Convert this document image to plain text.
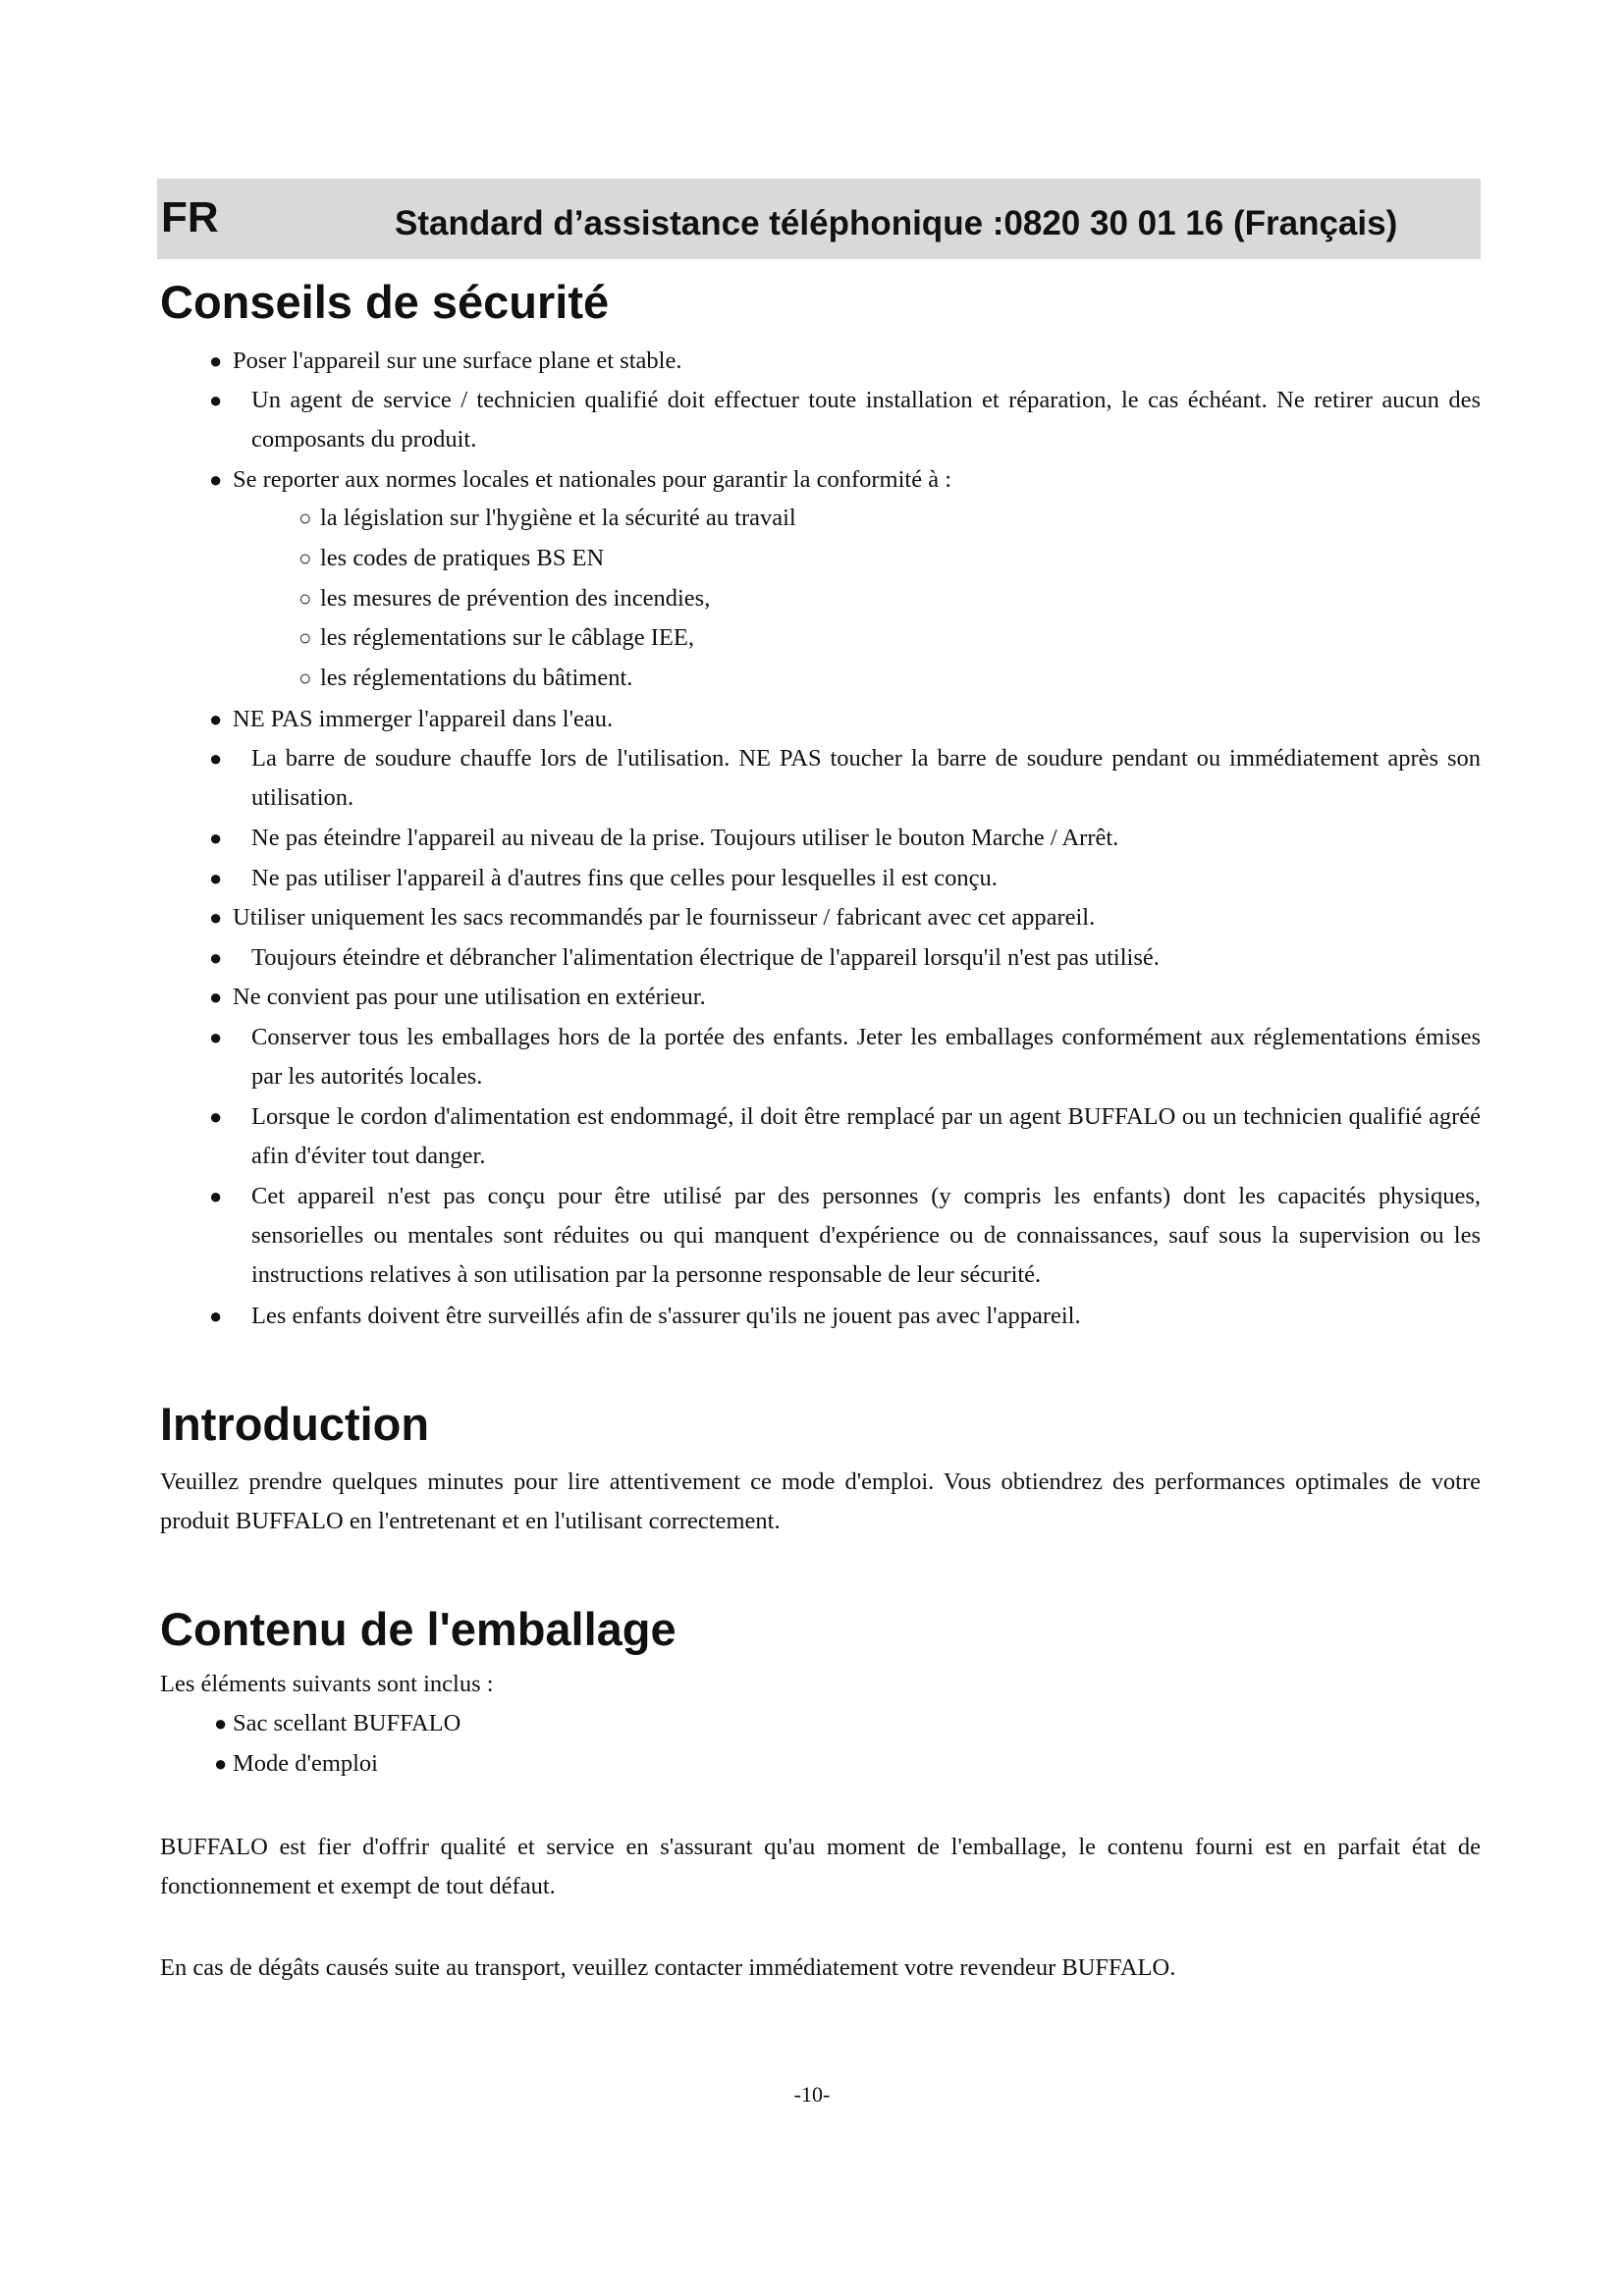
FR	Standard d’assistance téléphonique :0820 30 01 16 (Français)
Conseils de sécurité
● Poser l'appareil sur une surface plane et stable.
● Un agent de service / technicien qualifié doit effectuer toute installation et réparation, le cas échéant. Ne retirer aucun des composants du produit.
● Se reporter aux normes locales et nationales pour garantir la conformité à :
● NE PAS immerger l'appareil dans l'eau.
● La barre de soudure chauffe lors de l'utilisation. NE PAS toucher la barre de soudure pendant ou immédiatement après son utilisation.
● Ne pas éteindre l'appareil au niveau de la prise. Toujours utiliser le bouton Marche / Arrêt.
● Ne pas utiliser l'appareil à d'autres fins que celles pour lesquelles il est conçu.
● Utiliser uniquement les sacs recommandés par le fournisseur / fabricant avec cet appareil.
● Toujours éteindre et débrancher l'alimentation électrique de l'appareil lorsqu'il n'est pas utilisé.
● Ne convient pas pour une utilisation en extérieur.
● Conserver tous les emballages hors de la portée des enfants. Jeter les emballages conformément aux réglementations émises par les autorités locales.
● Lorsque le cordon d'alimentation est endommagé, il doit être remplacé par un agent BUFFALO ou un technicien qualifié agréé afin d'éviter tout danger.
● Cet appareil n'est pas conçu pour être utilisé par des personnes (y compris les enfants) dont les capacités physiques, sensorielles ou mentales sont réduites ou qui manquent d'expérience ou de connaissances, sauf sous la supervision ou les instructions relatives à son utilisation par la personne responsable de leur sécurité.
● Les enfants doivent être surveillés afin de s'assurer qu'ils ne jouent pas avec l'appareil.
○ la législation sur l'hygiène et la sécurité au travail
○ les codes de pratiques BS EN
○ les mesures de prévention des incendies,
○ les réglementations sur le câblage IEE,
○ les réglementations du bâtiment.
Introduction

Veuillez prendre quelques minutes pour lire attentivement ce mode d'emploi. Vous obtiendrez des performances optimales de votre produit BUFFALO en l'entretenant et en l'utilisant correctement.

Contenu de l'emballage

Les éléments suivants sont inclus :

● Sac scellant BUFFALO
● Mode d'emploi

BUFFALO est fier d'offrir qualité et service en s'assurant qu'au moment de l'emballage, le contenu fourni est en parfait état de fonctionnement et exempt de tout défaut.

En cas de dégâts causés suite au transport, veuillez contacter immédiatement votre revendeur BUFFALO.

-10-
